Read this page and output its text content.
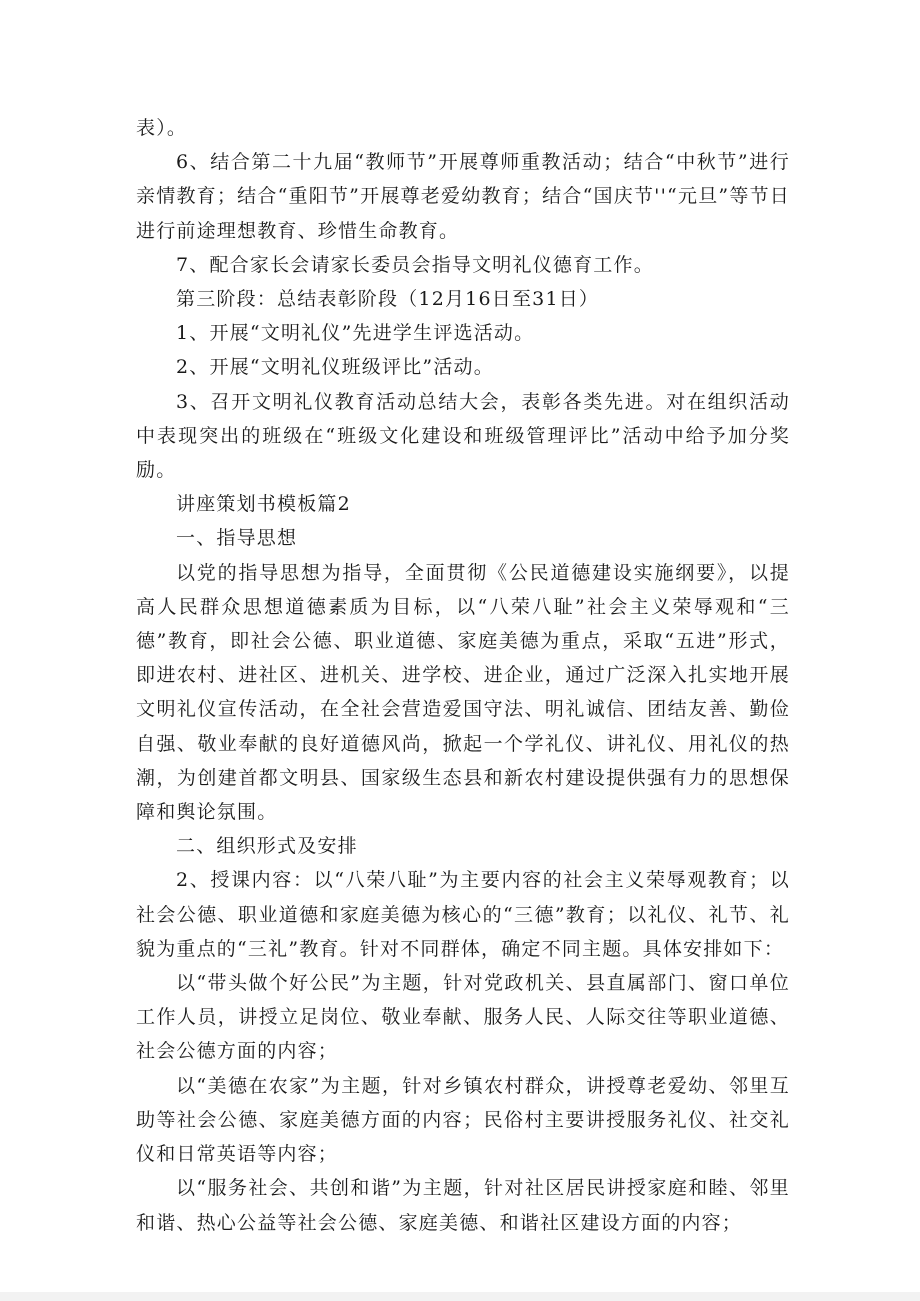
表）。

6、结合第二十九届“教师节”开展尊师重教活动；结合“中秋节”进行亲情教育；结合“重阳节”开展尊老爱幼教育；结合“国庆节''“元旦”等节日进行前途理想教育、珍惜生命教育。

7、配合家长会请家长委员会指导文明礼仪德育工作。

第三阶段：总结表彰阶段（12月16日至31日）

1、开展“文明礼仪”先进学生评选活动。

2、开展“文明礼仪班级评比”活动。

3、召开文明礼仪教育活动总结大会，表彰各类先进。对在组织活动中表现突出的班级在“班级文化建设和班级管理评比”活动中给予加分奖励。

讲座策划书模板篇2

一、指导思想

以党的指导思想为指导，全面贯彻《公民道德建设实施纲要》，以提高人民群众思想道德素质为目标，以“八荣八耻”社会主义荣辱观和“三德”教育，即社会公德、职业道德、家庭美德为重点，采取“五进”形式，即进农村、进社区、进机关、进学校、进企业，通过广泛深入扎实地开展文明礼仪宣传活动，在全社会营造爱国守法、明礼诚信、团结友善、勤俭自强、敬业奉献的良好道德风尚，掀起一个学礼仪、讲礼仪、用礼仪的热潮，为创建首都文明县、国家级生态县和新农村建设提供强有力的思想保障和舆论氛围。

二、组织形式及安排

2、授课内容：以“八荣八耻”为主要内容的社会主义荣辱观教育；以社会公德、职业道德和家庭美德为核心的“三德”教育；以礼仪、礼节、礼貌为重点的“三礼”教育。针对不同群体，确定不同主题。具体安排如下：

以“带头做个好公民”为主题，针对党政机关、县直属部门、窗口单位工作人员，讲授立足岗位、敬业奉献、服务人民、人际交往等职业道德、社会公德方面的内容；

以“美德在农家”为主题，针对乡镇农村群众，讲授尊老爱幼、邻里互助等社会公德、家庭美德方面的内容；民俗村主要讲授服务礼仪、社交礼仪和日常英语等内容；

以“服务社会、共创和谐”为主题，针对社区居民讲授家庭和睦、邻里和谐、热心公益等社会公德、家庭美德、和谐社区建设方面的内容；
